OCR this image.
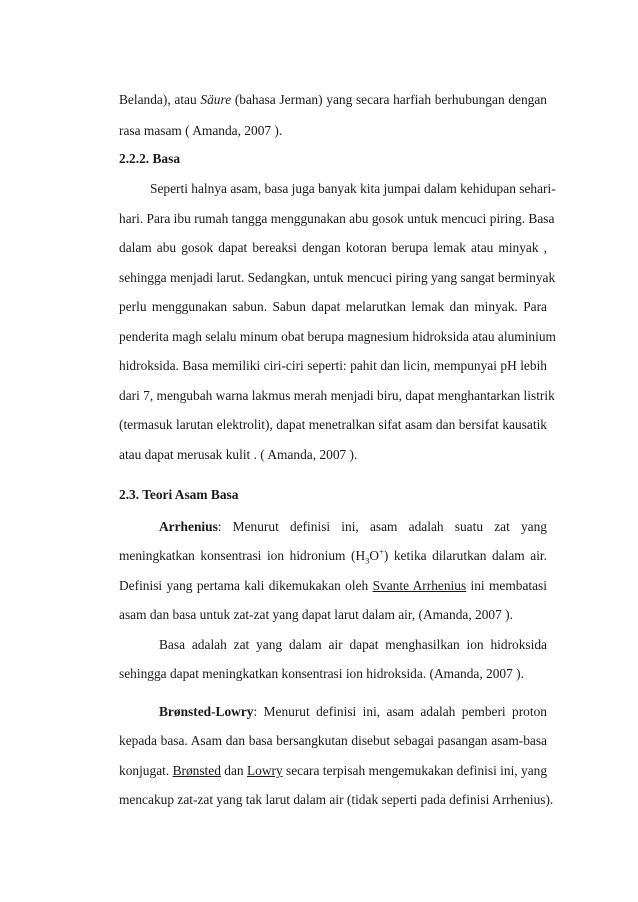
Belanda), atau Säure (bahasa Jerman) yang secara harfiah berhubungan dengan
rasa masam ( Amanda, 2007 ).
2.2.2. Basa
Seperti halnya asam, basa juga banyak kita jumpai dalam kehidupan sehari-
hari. Para ibu rumah tangga menggunakan abu gosok untuk mencuci piring. Basa
dalam abu gosok dapat bereaksi dengan kotoran berupa lemak atau minyak ,
sehingga menjadi larut. Sedangkan, untuk mencuci piring yang sangat berminyak
perlu menggunakan sabun. Sabun dapat melarutkan lemak dan minyak. Para
penderita magh selalu minum obat berupa magnesium hidroksida atau aluminium
hidroksida. Basa memiliki ciri-ciri seperti: pahit dan licin, mempunyai pH lebih
dari 7, mengubah warna lakmus merah menjadi biru, dapat menghantarkan listrik
(termasuk larutan elektrolit), dapat menetralkan sifat asam dan bersifat kausatik
atau dapat merusak kulit . ( Amanda, 2007 ).
2.3. Teori Asam Basa
Arrhenius: Menurut definisi ini, asam adalah suatu zat yang
meningkatkan konsentrasi ion hidronium $(H_3O^+)$ ketika dilarutkan dalam air.
Definisi yang pertama kali dikemukakan oleh Svante Arrhenius ini membatasi
asam dan basa untuk zat-zat yang dapat larut dalam air, (Amanda, 2007 ).
Basa adalah zat yang dalam air dapat menghasilkan ion hidroksida
sehingga dapat meningkatkan konsentrasi ion hidroksida. (Amanda, 2007 ).
Brønsted-Lowry: Menurut definisi ini, asam adalah pemberi proton
kepada basa. Asam dan basa bersangkutan disebut sebagai pasangan asam-basa
konjugat. Brønsted dan Lowry secara terpisah mengemukakan definisi ini, yang
mencakup zat-zat yang tak larut dalam air (tidak seperti pada definisi Arrhenius).
